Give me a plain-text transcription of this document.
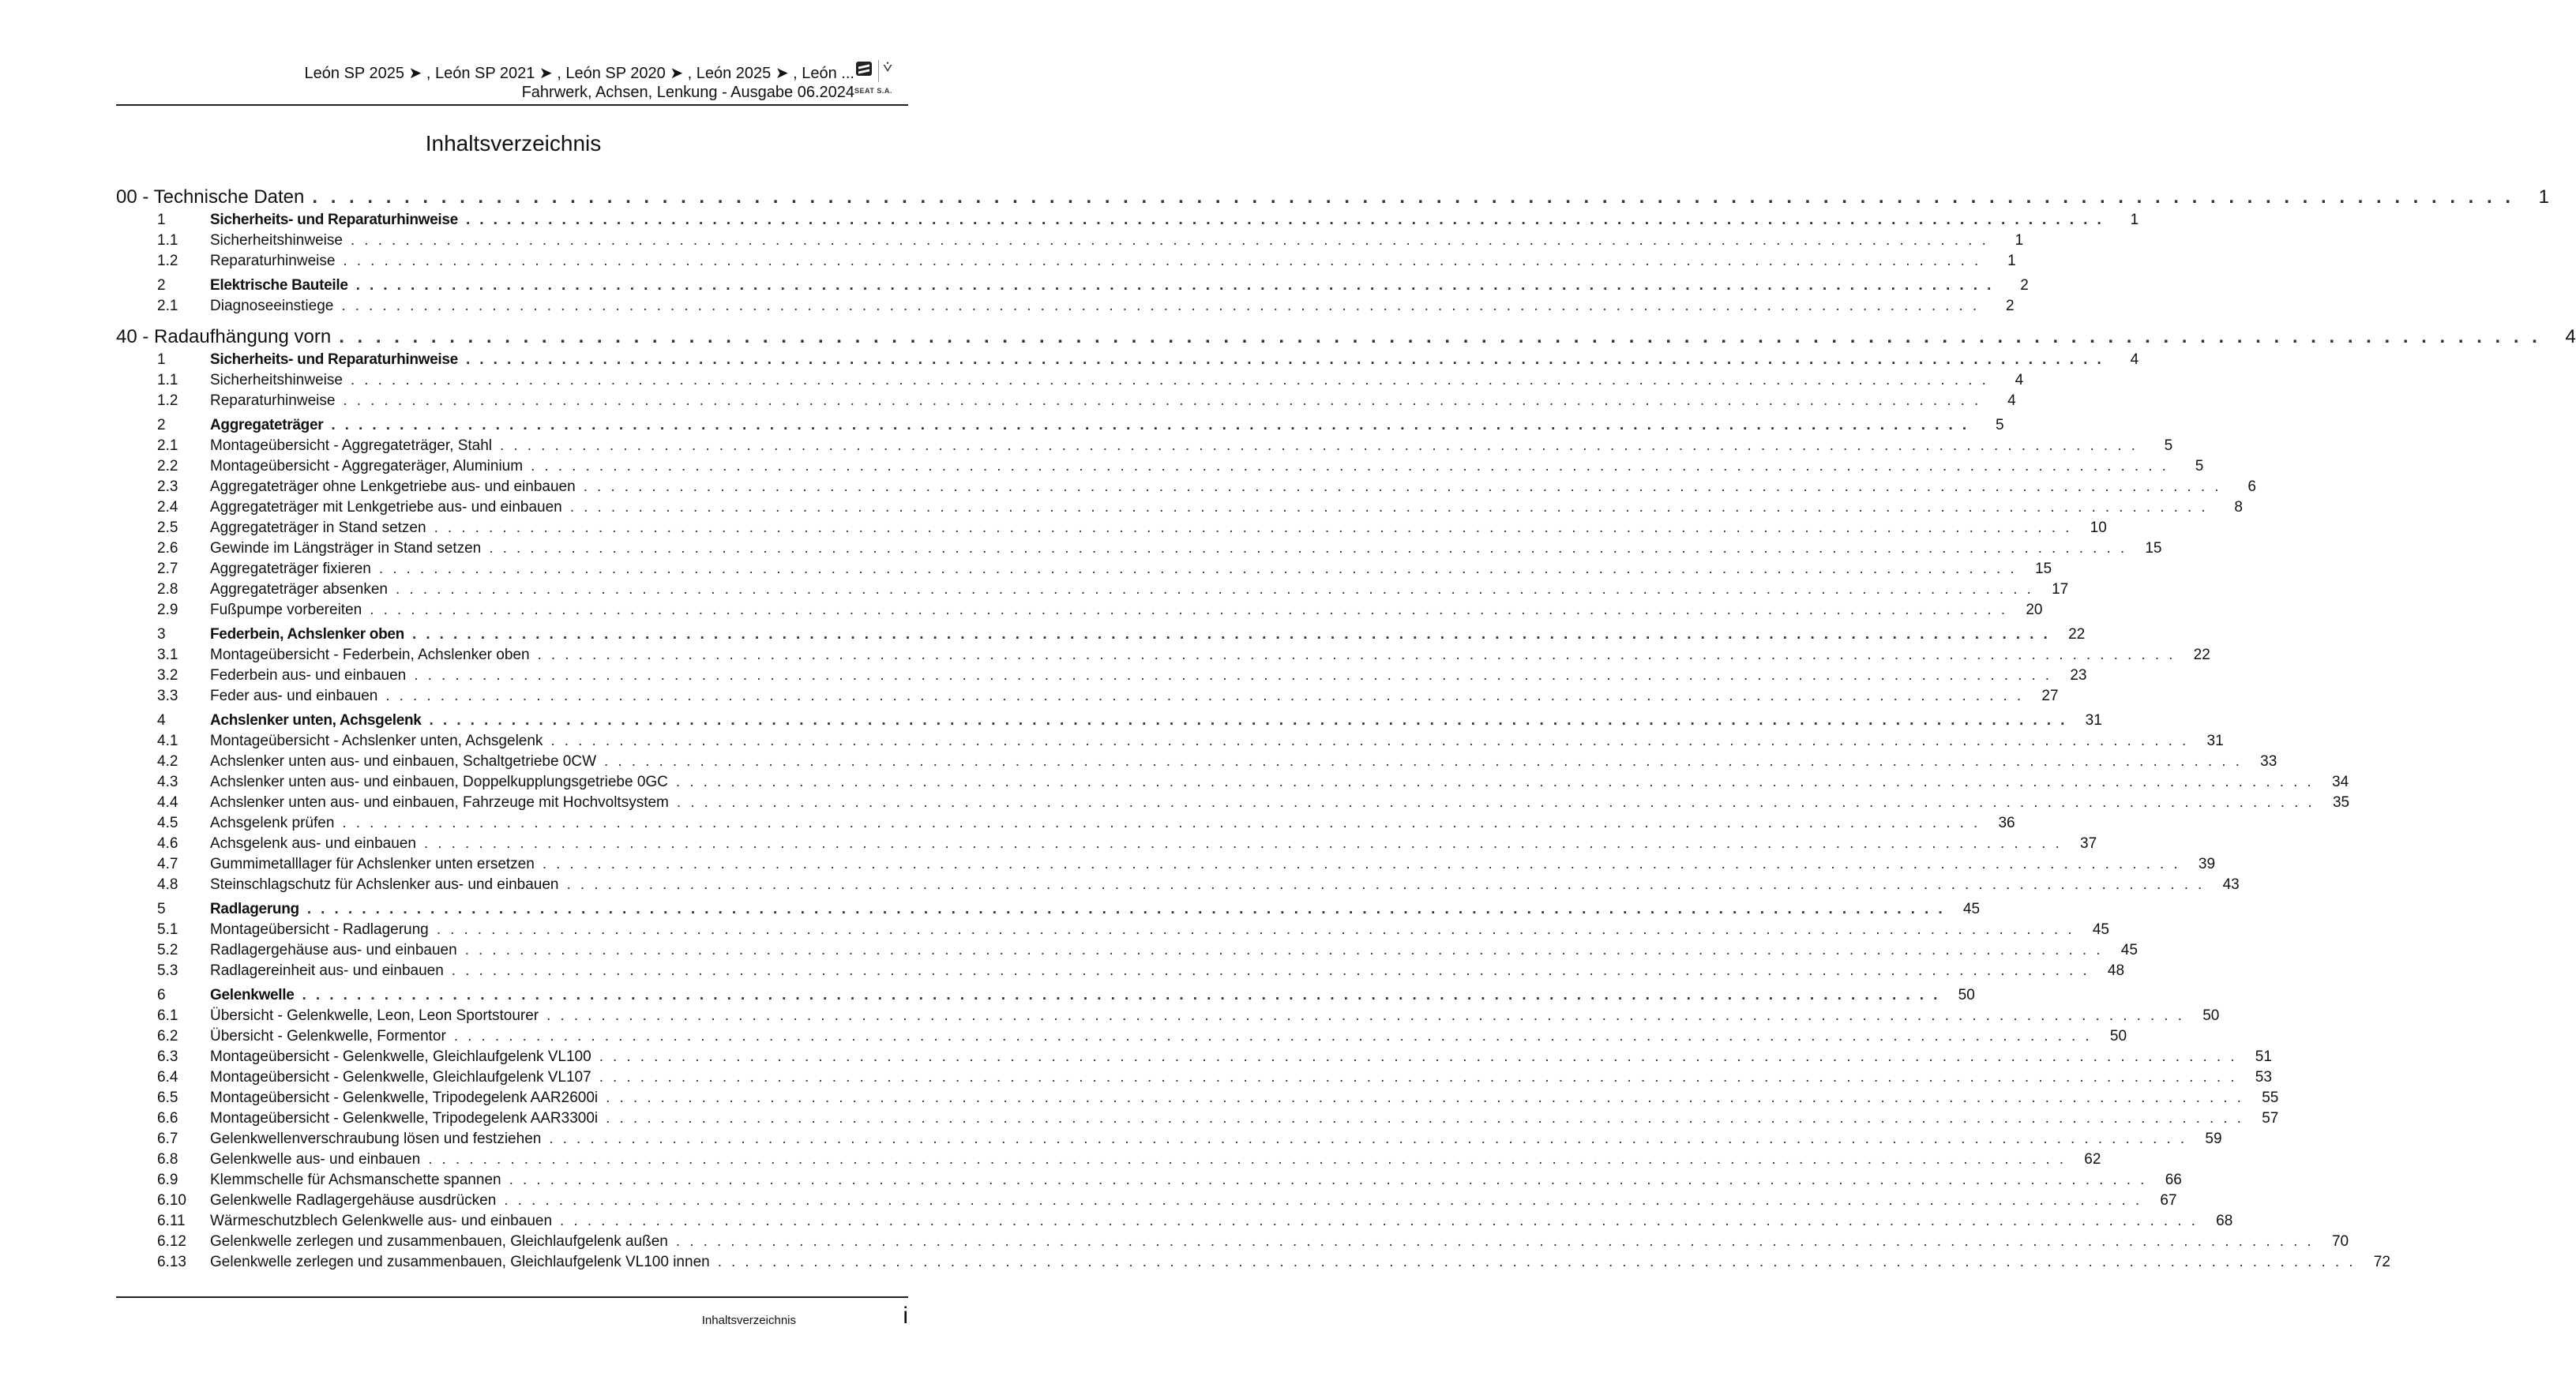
León SP 2025 ➤ , León SP 2021 ➤ , León SP 2020 ➤ , León 2025 ➤ , León ...
Fahrwerk, Achsen, Lenkung - Ausgabe 06.2024
⩒
SEAT S.A.
Inhaltsverzeichnis
00 - Technische Daten . . . . . . . . . . . . . . . . . . . . . . . . . . . . . . . . . . . . . . . . . . . . . . . . . . . . . . . . . . . . . . . . . . . . . . . . . . . . . . . . . . . . . . . . . . . . . . . . . . . . . . . . . . . . . . . . . . . . . . . .	1
1	Sicherheits- und Reparaturhinweise . . . . . . . . . . . . . . . . . . . . . . . . . . . . . . . . . . . . . . . . . . . . . . . . . . . . . . . . . . . . . . . . . . . . . . . . . . . . . . . . . . . . . . . . . . . . . . . . . . . . . . . . . . . . . . . . . . . . . . . .	1
1.1	Sicherheitshinweise . . . . . . . . . . . . . . . . . . . . . . . . . . . . . . . . . . . . . . . . . . . . . . . . . . . . . . . . . . . . . . . . . . . . . . . . . . . . . . . . . . . . . . . . . . . . . . . . . . . . . . . . . . . . . . . . . . . . . . . .	1
1.2	Reparaturhinweise . . . . . . . . . . . . . . . . . . . . . . . . . . . . . . . . . . . . . . . . . . . . . . . . . . . . . . . . . . . . . . . . . . . . . . . . . . . . . . . . . . . . . . . . . . . . . . . . . . . . . . . . . . . . . . . . . . . . . . . .	1
2	Elektrische Bauteile . . . . . . . . . . . . . . . . . . . . . . . . . . . . . . . . . . . . . . . . . . . . . . . . . . . . . . . . . . . . . . . . . . . . . . . . . . . . . . . . . . . . . . . . . . . . . . . . . . . . . . . . . . . . . . . . . . . . . . . .	2
2.1	Diagnoseeinstiege . . . . . . . . . . . . . . . . . . . . . . . . . . . . . . . . . . . . . . . . . . . . . . . . . . . . . . . . . . . . . . . . . . . . . . . . . . . . . . . . . . . . . . . . . . . . . . . . . . . . . . . . . . . . . . . . . . . . . . . .	2
40 - Radaufhängung vorn . . . . . . . . . . . . . . . . . . . . . . . . . . . . . . . . . . . . . . . . . . . . . . . . . . . . . . . . . . . . . . . . . . . . . . . . . . . . . . . . . . . . . . . . . . . . . . . . . . . . . . . . . . . . . . . . . . . . . . . .	4
1	Sicherheits- und Reparaturhinweise . . . . . . . . . . . . . . . . . . . . . . . . . . . . . . . . . . . . . . . . . . . . . . . . . . . . . . . . . . . . . . . . . . . . . . . . . . . . . . . . . . . . . . . . . . . . . . . . . . . . . . . . . . . . . . . . . . . . . . . .	4
1.1	Sicherheitshinweise . . . . . . . . . . . . . . . . . . . . . . . . . . . . . . . . . . . . . . . . . . . . . . . . . . . . . . . . . . . . . . . . . . . . . . . . . . . . . . . . . . . . . . . . . . . . . . . . . . . . . . . . . . . . . . . . . . . . . . . .	4
1.2	Reparaturhinweise . . . . . . . . . . . . . . . . . . . . . . . . . . . . . . . . . . . . . . . . . . . . . . . . . . . . . . . . . . . . . . . . . . . . . . . . . . . . . . . . . . . . . . . . . . . . . . . . . . . . . . . . . . . . . . . . . . . . . . . .	4
2	Aggregateträger . . . . . . . . . . . . . . . . . . . . . . . . . . . . . . . . . . . . . . . . . . . . . . . . . . . . . . . . . . . . . . . . . . . . . . . . . . . . . . . . . . . . . . . . . . . . . . . . . . . . . . . . . . . . . . . . . . . . . . . .	5
2.1	Montageübersicht - Aggregateträger, Stahl . . . . . . . . . . . . . . . . . . . . . . . . . . . . . . . . . . . . . . . . . . . . . . . . . . . . . . . . . . . . . . . . . . . . . . . . . . . . . . . . . . . . . . . . . . . . . . . . . . . . . . . . . . . . . . . . . . . . . . . .	5
2.2	Montageübersicht - Aggregateräger, Aluminium . . . . . . . . . . . . . . . . . . . . . . . . . . . . . . . . . . . . . . . . . . . . . . . . . . . . . . . . . . . . . . . . . . . . . . . . . . . . . . . . . . . . . . . . . . . . . . . . . . . . . . . . . . . . . . . . . . . . . . . .	5
2.3	Aggregateträger ohne Lenkgetriebe aus- und einbauen . . . . . . . . . . . . . . . . . . . . . . . . . . . . . . . . . . . . . . . . . . . . . . . . . . . . . . . . . . . . . . . . . . . . . . . . . . . . . . . . . . . . . . . . . . . . . . . . . . . . . . . . . . . . . . . . . . . . . . . .	6
2.4	Aggregateträger mit Lenkgetriebe aus- und einbauen . . . . . . . . . . . . . . . . . . . . . . . . . . . . . . . . . . . . . . . . . . . . . . . . . . . . . . . . . . . . . . . . . . . . . . . . . . . . . . . . . . . . . . . . . . . . . . . . . . . . . . . . . . . . . . . . . . . . . . . .	8
2.5	Aggregateträger in Stand setzen . . . . . . . . . . . . . . . . . . . . . . . . . . . . . . . . . . . . . . . . . . . . . . . . . . . . . . . . . . . . . . . . . . . . . . . . . . . . . . . . . . . . . . . . . . . . . . . . . . . . . . . . . . . . . . . . . . . . . . . .	10
2.6	Gewinde im Längsträger in Stand setzen . . . . . . . . . . . . . . . . . . . . . . . . . . . . . . . . . . . . . . . . . . . . . . . . . . . . . . . . . . . . . . . . . . . . . . . . . . . . . . . . . . . . . . . . . . . . . . . . . . . . . . . . . . . . . . . . . . . . . . . .	15
2.7	Aggregateträger fixieren . . . . . . . . . . . . . . . . . . . . . . . . . . . . . . . . . . . . . . . . . . . . . . . . . . . . . . . . . . . . . . . . . . . . . . . . . . . . . . . . . . . . . . . . . . . . . . . . . . . . . . . . . . . . . . . . . . . . . . . .	15
2.8	Aggregateträger absenken . . . . . . . . . . . . . . . . . . . . . . . . . . . . . . . . . . . . . . . . . . . . . . . . . . . . . . . . . . . . . . . . . . . . . . . . . . . . . . . . . . . . . . . . . . . . . . . . . . . . . . . . . . . . . . . . . . . . . . . .	17
2.9	Fußpumpe vorbereiten . . . . . . . . . . . . . . . . . . . . . . . . . . . . . . . . . . . . . . . . . . . . . . . . . . . . . . . . . . . . . . . . . . . . . . . . . . . . . . . . . . . . . . . . . . . . . . . . . . . . . . . . . . . . . . . . . . . . . . . .	20
3	Federbein, Achslenker oben . . . . . . . . . . . . . . . . . . . . . . . . . . . . . . . . . . . . . . . . . . . . . . . . . . . . . . . . . . . . . . . . . . . . . . . . . . . . . . . . . . . . . . . . . . . . . . . . . . . . . . . . . . . . . . . . . . . . . . . .	22
3.1	Montageübersicht - Federbein, Achslenker oben . . . . . . . . . . . . . . . . . . . . . . . . . . . . . . . . . . . . . . . . . . . . . . . . . . . . . . . . . . . . . . . . . . . . . . . . . . . . . . . . . . . . . . . . . . . . . . . . . . . . . . . . . . . . . . . . . . . . . . . .	22
3.2	Federbein aus- und einbauen . . . . . . . . . . . . . . . . . . . . . . . . . . . . . . . . . . . . . . . . . . . . . . . . . . . . . . . . . . . . . . . . . . . . . . . . . . . . . . . . . . . . . . . . . . . . . . . . . . . . . . . . . . . . . . . . . . . . . . . .	23
3.3	Feder aus- und einbauen . . . . . . . . . . . . . . . . . . . . . . . . . . . . . . . . . . . . . . . . . . . . . . . . . . . . . . . . . . . . . . . . . . . . . . . . . . . . . . . . . . . . . . . . . . . . . . . . . . . . . . . . . . . . . . . . . . . . . . . .	27
4	Achslenker unten, Achsgelenk . . . . . . . . . . . . . . . . . . . . . . . . . . . . . . . . . . . . . . . . . . . . . . . . . . . . . . . . . . . . . . . . . . . . . . . . . . . . . . . . . . . . . . . . . . . . . . . . . . . . . . . . . . . . . . . . . . . . . . . .	31
4.1	Montageübersicht - Achslenker unten, Achsgelenk . . . . . . . . . . . . . . . . . . . . . . . . . . . . . . . . . . . . . . . . . . . . . . . . . . . . . . . . . . . . . . . . . . . . . . . . . . . . . . . . . . . . . . . . . . . . . . . . . . . . . . . . . . . . . . . . . . . . . . . .	31
4.2	Achslenker unten aus- und einbauen, Schaltgetriebe 0CW . . . . . . . . . . . . . . . . . . . . . . . . . . . . . . . . . . . . . . . . . . . . . . . . . . . . . . . . . . . . . . . . . . . . . . . . . . . . . . . . . . . . . . . . . . . . . . . . . . . . . . . . . . . . . . . . . . . . . . . .	33
4.3	Achslenker unten aus- und einbauen, Doppelkupplungsgetriebe 0GC . . . . . . . . . . . . . . . . . . . . . . . . . . . . . . . . . . . . . . . . . . . . . . . . . . . . . . . . . . . . . . . . . . . . . . . . . . . . . . . . . . . . . . . . . . . . . . . . . . . . . . . . . . . . . . . . . . . . . . . .	34
4.4	Achslenker unten aus- und einbauen, Fahrzeuge mit Hochvoltsystem . . . . . . . . . . . . . . . . . . . . . . . . . . . . . . . . . . . . . . . . . . . . . . . . . . . . . . . . . . . . . . . . . . . . . . . . . . . . . . . . . . . . . . . . . . . . . . . . . . . . . . . . . . . . . . . . . . . . . . . .	35
4.5	Achsgelenk prüfen . . . . . . . . . . . . . . . . . . . . . . . . . . . . . . . . . . . . . . . . . . . . . . . . . . . . . . . . . . . . . . . . . . . . . . . . . . . . . . . . . . . . . . . . . . . . . . . . . . . . . . . . . . . . . . . . . . . . . . . .	36
4.6	Achsgelenk aus- und einbauen . . . . . . . . . . . . . . . . . . . . . . . . . . . . . . . . . . . . . . . . . . . . . . . . . . . . . . . . . . . . . . . . . . . . . . . . . . . . . . . . . . . . . . . . . . . . . . . . . . . . . . . . . . . . . . . . . . . . . . . .	37
4.7	Gummimetalllager für Achslenker unten ersetzen . . . . . . . . . . . . . . . . . . . . . . . . . . . . . . . . . . . . . . . . . . . . . . . . . . . . . . . . . . . . . . . . . . . . . . . . . . . . . . . . . . . . . . . . . . . . . . . . . . . . . . . . . . . . . . . . . . . . . . . .	39
4.8	Steinschlagschutz für Achslenker aus- und einbauen . . . . . . . . . . . . . . . . . . . . . . . . . . . . . . . . . . . . . . . . . . . . . . . . . . . . . . . . . . . . . . . . . . . . . . . . . . . . . . . . . . . . . . . . . . . . . . . . . . . . . . . . . . . . . . . . . . . . . . . .	43
5	Radlagerung . . . . . . . . . . . . . . . . . . . . . . . . . . . . . . . . . . . . . . . . . . . . . . . . . . . . . . . . . . . . . . . . . . . . . . . . . . . . . . . . . . . . . . . . . . . . . . . . . . . . . . . . . . . . . . . . . . . . . . . .	45
5.1	Montageübersicht - Radlagerung . . . . . . . . . . . . . . . . . . . . . . . . . . . . . . . . . . . . . . . . . . . . . . . . . . . . . . . . . . . . . . . . . . . . . . . . . . . . . . . . . . . . . . . . . . . . . . . . . . . . . . . . . . . . . . . . . . . . . . . .	45
5.2	Radlagergehäuse aus- und einbauen . . . . . . . . . . . . . . . . . . . . . . . . . . . . . . . . . . . . . . . . . . . . . . . . . . . . . . . . . . . . . . . . . . . . . . . . . . . . . . . . . . . . . . . . . . . . . . . . . . . . . . . . . . . . . . . . . . . . . . . .	45
5.3	Radlagereinheit aus- und einbauen . . . . . . . . . . . . . . . . . . . . . . . . . . . . . . . . . . . . . . . . . . . . . . . . . . . . . . . . . . . . . . . . . . . . . . . . . . . . . . . . . . . . . . . . . . . . . . . . . . . . . . . . . . . . . . . . . . . . . . . .	48
6	Gelenkwelle . . . . . . . . . . . . . . . . . . . . . . . . . . . . . . . . . . . . . . . . . . . . . . . . . . . . . . . . . . . . . . . . . . . . . . . . . . . . . . . . . . . . . . . . . . . . . . . . . . . . . . . . . . . . . . . . . . . . . . . .	50
6.1	Übersicht - Gelenkwelle, Leon, Leon Sportstourer . . . . . . . . . . . . . . . . . . . . . . . . . . . . . . . . . . . . . . . . . . . . . . . . . . . . . . . . . . . . . . . . . . . . . . . . . . . . . . . . . . . . . . . . . . . . . . . . . . . . . . . . . . . . . . . . . . . . . . . .	50
6.2	Übersicht - Gelenkwelle, Formentor . . . . . . . . . . . . . . . . . . . . . . . . . . . . . . . . . . . . . . . . . . . . . . . . . . . . . . . . . . . . . . . . . . . . . . . . . . . . . . . . . . . . . . . . . . . . . . . . . . . . . . . . . . . . . . . . . . . . . . . .	50
6.3	Montageübersicht - Gelenkwelle, Gleichlaufgelenk VL100 . . . . . . . . . . . . . . . . . . . . . . . . . . . . . . . . . . . . . . . . . . . . . . . . . . . . . . . . . . . . . . . . . . . . . . . . . . . . . . . . . . . . . . . . . . . . . . . . . . . . . . . . . . . . . . . . . . . . . . . .	51
6.4	Montageübersicht - Gelenkwelle, Gleichlaufgelenk VL107 . . . . . . . . . . . . . . . . . . . . . . . . . . . . . . . . . . . . . . . . . . . . . . . . . . . . . . . . . . . . . . . . . . . . . . . . . . . . . . . . . . . . . . . . . . . . . . . . . . . . . . . . . . . . . . . . . . . . . . . .	53
6.5	Montageübersicht - Gelenkwelle, Tripodegelenk AAR2600i . . . . . . . . . . . . . . . . . . . . . . . . . . . . . . . . . . . . . . . . . . . . . . . . . . . . . . . . . . . . . . . . . . . . . . . . . . . . . . . . . . . . . . . . . . . . . . . . . . . . . . . . . . . . . . . . . . . . . . . .	55
6.6	Montageübersicht - Gelenkwelle, Tripodegelenk AAR3300i . . . . . . . . . . . . . . . . . . . . . . . . . . . . . . . . . . . . . . . . . . . . . . . . . . . . . . . . . . . . . . . . . . . . . . . . . . . . . . . . . . . . . . . . . . . . . . . . . . . . . . . . . . . . . . . . . . . . . . . .	57
6.7	Gelenkwellenverschraubung lösen und festziehen . . . . . . . . . . . . . . . . . . . . . . . . . . . . . . . . . . . . . . . . . . . . . . . . . . . . . . . . . . . . . . . . . . . . . . . . . . . . . . . . . . . . . . . . . . . . . . . . . . . . . . . . . . . . . . . . . . . . . . . .	59
6.8	Gelenkwelle aus- und einbauen . . . . . . . . . . . . . . . . . . . . . . . . . . . . . . . . . . . . . . . . . . . . . . . . . . . . . . . . . . . . . . . . . . . . . . . . . . . . . . . . . . . . . . . . . . . . . . . . . . . . . . . . . . . . . . . . . . . . . . . .	62
6.9	Klemmschelle für Achsmanschette spannen . . . . . . . . . . . . . . . . . . . . . . . . . . . . . . . . . . . . . . . . . . . . . . . . . . . . . . . . . . . . . . . . . . . . . . . . . . . . . . . . . . . . . . . . . . . . . . . . . . . . . . . . . . . . . . . . . . . . . . . .	66
6.10	Gelenkwelle Radlagergehäuse ausdrücken . . . . . . . . . . . . . . . . . . . . . . . . . . . . . . . . . . . . . . . . . . . . . . . . . . . . . . . . . . . . . . . . . . . . . . . . . . . . . . . . . . . . . . . . . . . . . . . . . . . . . . . . . . . . . . . . . . . . . . . .	67
6.11	Wärmeschutzblech Gelenkwelle aus- und einbauen . . . . . . . . . . . . . . . . . . . . . . . . . . . . . . . . . . . . . . . . . . . . . . . . . . . . . . . . . . . . . . . . . . . . . . . . . . . . . . . . . . . . . . . . . . . . . . . . . . . . . . . . . . . . . . . . . . . . . . . .	68
6.12	Gelenkwelle zerlegen und zusammenbauen, Gleichlaufgelenk außen . . . . . . . . . . . . . . . . . . . . . . . . . . . . . . . . . . . . . . . . . . . . . . . . . . . . . . . . . . . . . . . . . . . . . . . . . . . . . . . . . . . . . . . . . . . . . . . . . . . . . . . . . . . . . . . . . . . . . . . .	70
6.13	Gelenkwelle zerlegen und zusammenbauen, Gleichlaufgelenk VL100 innen . . . . . . . . . . . . . . . . . . . . . . . . . . . . . . . . . . . . . . . . . . . . . . . . . . . . . . . . . . . . . . . . . . . . . . . . . . . . . . . . . . . . . . . . . . . . . . . . . . . . . . . . . . . . . . . . . . . . . . . .	72
Inhaltsverzeichnis	i
